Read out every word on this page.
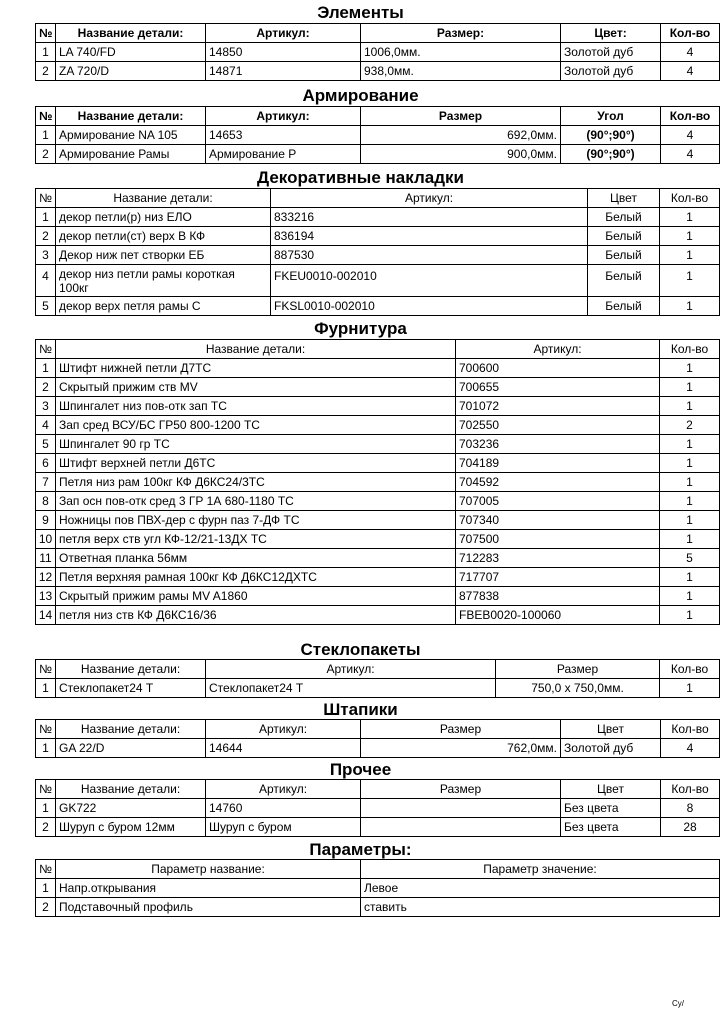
Элементы
№	Название детали:	Артикул:	Размер:	Цвет:	Кол-во
1	LA 740/FD	14850	1006,0мм.	Золотой дуб	4
2	ZA 720/D	14871	938,0мм.	Золотой дуб	4
Армирование
№	Название детали:	Артикул:	Размер	Угол	Кол-во
1	Армирование NA 105	14653	692,0мм.	(90°;90°)	4
2	Армирование Рамы	Армирование Р	900,0мм.	(90°;90°)	4
Декоративные накладки
№	Название детали:	Артикул:	Цвет	Кол-во
1	декор петли(р) низ ЕЛО	833216	Белый	1
2	декор петли(ст) верх В КФ	836194	Белый	1
3	Декор ниж пет створки ЕБ	887530	Белый	1
4	декор низ петли рамы короткая 100кг	FKEU0010-002010	Белый	1
5	декор верх петля рамы С	FKSL0010-002010	Белый	1
Фурнитура
№	Название детали:	Артикул:	Кол-во
1	Штифт нижней петли Д7ТС	700600	1
2	Скрытый прижим ств MV	700655	1
3	Шпингалет низ пов-отк зап ТС	701072	1
4	Зап сред ВСУ/БС ГР50 800-1200 ТС	702550	2
5	Шпингалет 90 гр ТС	703236	1
6	Штифт верхней петли Д6ТС	704189	1
7	Петля низ рам 100кг КФ Д6КС24/3ТС	704592	1
8	Зап осн пов-отк сред 3 ГР 1А 680-1180 ТС	707005	1
9	Ножницы пов ПВХ-дер с фурн паз 7-ДФ ТС	707340	1
10	петля верх ств угл КФ-12/21-13ДХ ТС	707500	1
11	Ответная планка 56мм	712283	5
12	Петля верхняя рамная 100кг КФ Д6КС12ДХТС	717707	1
13	Скрытый прижим рамы MV A1860	877838	1
14	петля низ ств КФ Д6КС16/36	FBEB0020-100060	1
Стеклопакеты
№	Название детали:	Артикул:	Размер	Кол-во
1	Стеклопакет24 Т	Стеклопакет24 Т	750,0 x 750,0мм.	1
Штапики
№	Название детали:	Артикул:	Размер	Цвет	Кол-во
1	GA 22/D	14644	762,0мм.	Золотой дуб	4
Прочее
№	Название детали:	Артикул:	Размер	Цвет	Кол-во
1	GK722	14760		Без цвета	8
2	Шуруп с буром 12мм	Шуруп с буром		Без цвета	28
Параметры:
№	Параметр название:	Параметр значение:
1	Напр.открывания	Левое
2	Подставочный профиль	ставить
Су/
